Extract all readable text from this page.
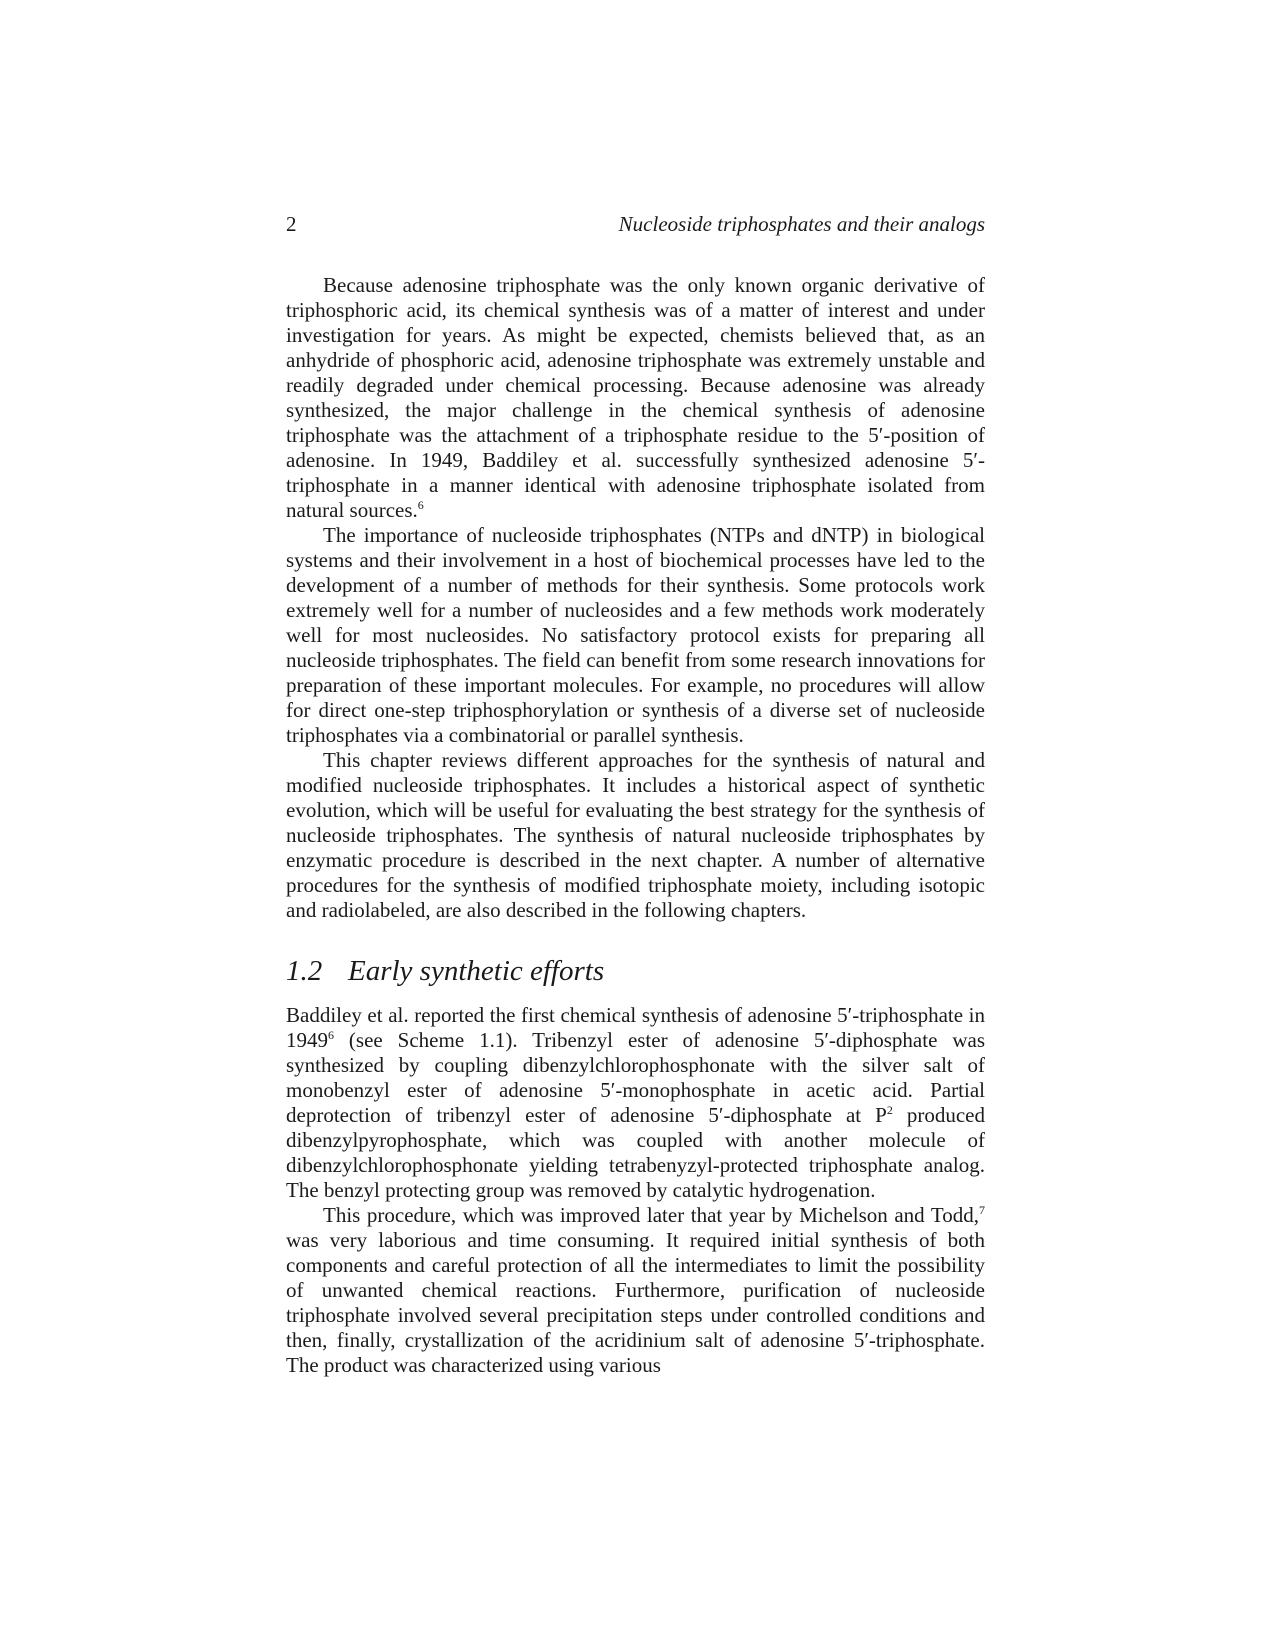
2	Nucleoside triphosphates and their analogs

Because adenosine triphosphate was the only known organic derivative of triphosphoric acid, its chemical synthesis was of a matter of interest and under investigation for years. As might be expected, chemists believed that, as an anhydride of phosphoric acid, adenosine triphosphate was extremely unstable and readily degraded under chemical processing. Because adenosine was already synthesized, the major challenge in the chemical synthesis of adenosine triphosphate was the attachment of a triphosphate residue to the 5′-position of adenosine. In 1949, Baddiley et al. successfully synthesized adenosine 5′-triphosphate in a manner identical with adenosine triphosphate isolated from natural sources.$^6$

The importance of nucleoside triphosphates (NTPs and dNTP) in biological systems and their involvement in a host of biochemical processes have led to the development of a number of methods for their synthesis. Some protocols work extremely well for a number of nucleosides and a few methods work moderately well for most nucleosides. No satisfactory protocol exists for preparing all nucleoside triphosphates. The field can benefit from some research innovations for preparation of these important molecules. For example, no procedures will allow for direct one-step triphosphorylation or synthesis of a diverse set of nucleoside triphosphates via a combinatorial or parallel synthesis.

This chapter reviews different approaches for the synthesis of natural and modified nucleoside triphosphates. It includes a historical aspect of synthetic evolution, which will be useful for evaluating the best strategy for the synthesis of nucleoside triphosphates. The synthesis of natural nucleoside triphosphates by enzymatic procedure is described in the next chapter. A number of alternative procedures for the synthesis of modified triphosphate moiety, including isotopic and radiolabeled, are also described in the following chapters.

1.2 Early synthetic efforts

Baddiley et al. reported the first chemical synthesis of adenosine 5′-triphosphate in 1949$^6$ (see Scheme 1.1). Tribenzyl ester of adenosine 5′-diphosphate was synthesized by coupling dibenzylchlorophosphonate with the silver salt of monobenzyl ester of adenosine 5′-monophosphate in acetic acid. Partial deprotection of tribenzyl ester of adenosine 5′-diphosphate at $P^2$ produced dibenzylpyrophosphate, which was coupled with another molecule of dibenzylchlorophosphonate yielding tetrabenyzyl-protected triphosphate analog. The benzyl protecting group was removed by catalytic hydrogenation.

This procedure, which was improved later that year by Michelson and Todd,$^7$ was very laborious and time consuming. It required initial synthesis of both components and careful protection of all the intermediates to limit the possibility of unwanted chemical reactions. Furthermore, purification of nucleoside triphosphate involved several precipitation steps under controlled conditions and then, finally, crystallization of the acridinium salt of adenosine 5′-triphosphate. The product was characterized using various
